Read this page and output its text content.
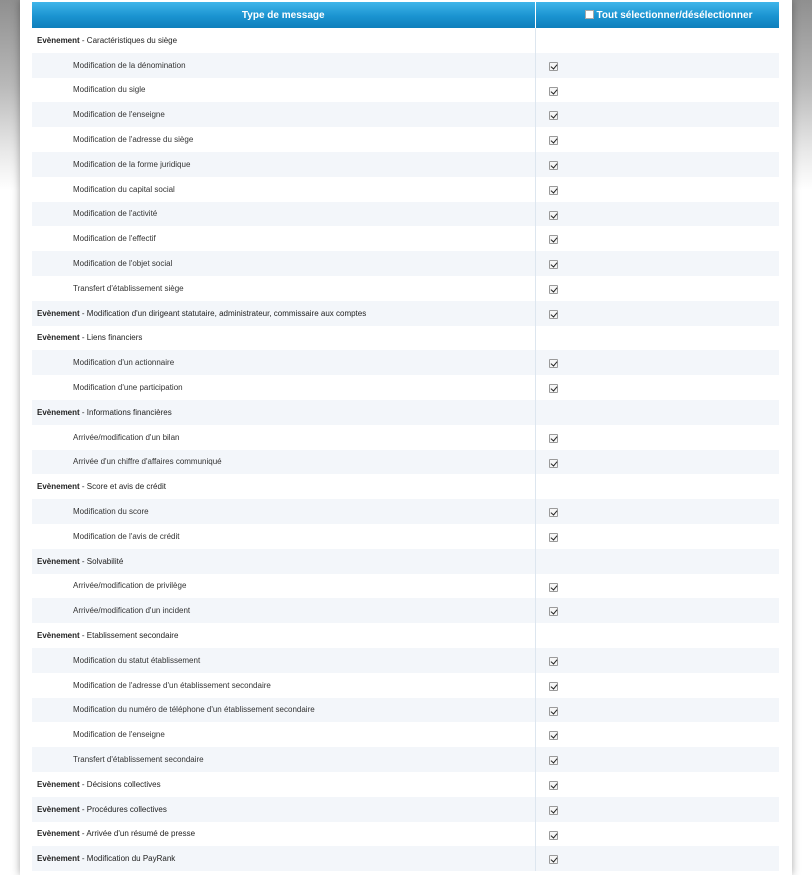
Type de message	Tout sélectionner/désélectionner
Evènement - Caractéristiques du siège	
Modification de la dénomination	
Modification du sigle	
Modification de l'enseigne	
Modification de l'adresse du siège	
Modification de la forme juridique	
Modification du capital social	
Modification de l'activité	
Modification de l'effectif	
Modification de l'objet social	
Transfert d'établissement siège	
Evènement - Modification d'un dirigeant statutaire, administrateur, commissaire aux comptes	
Evènement - Liens financiers	
Modification d'un actionnaire	
Modification d'une participation	
Evènement - Informations financières	
Arrivée/modification d'un bilan	
Arrivée d'un chiffre d'affaires communiqué	
Evènement - Score et avis de crédit	
Modification du score	
Modification de l'avis de crédit	
Evènement - Solvabilité	
Arrivée/modification de privilège	
Arrivée/modification d'un incident	
Evènement - Etablissement secondaire	
Modification du statut établissement	
Modification de l'adresse d'un établissement secondaire	
Modification du numéro de téléphone d'un établissement secondaire	
Modification de l'enseigne	
Transfert d'établissement secondaire	
Evènement - Décisions collectives	
Evènement - Procédures collectives	
Evènement - Arrivée d'un résumé de presse	
Evènement - Modification du PayRank	
